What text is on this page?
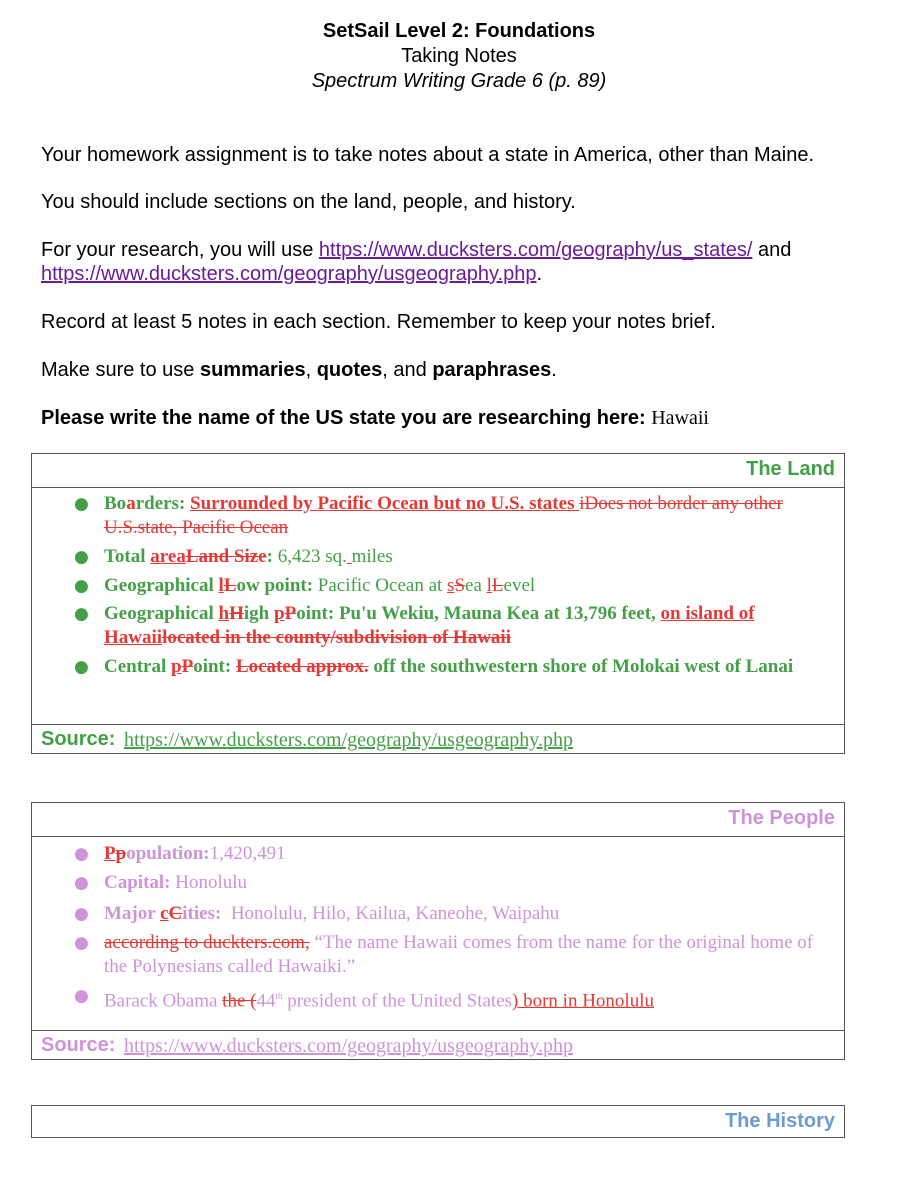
SetSail Level 2: Foundations
Taking Notes
Spectrum Writing Grade 6 (p. 89)
Your homework assignment is to take notes about a state in America, other than Maine.
You should include sections on the land, people, and history.
For your research, you will use https://www.ducksters.com/geography/us_states/ and
https://www.ducksters.com/geography/usgeography.php.
Record at least 5 notes in each section. Remember to keep your notes brief.
Make sure to use summaries, quotes, and paraphrases.
Please write the name of the US state you are researching here: Hawaii
The Land
● Boarders: Surrounded by Pacific Ocean but no U.S. states iDoes not border any other U.S.state, Pacific Ocean
● Total areaLand Size: 6,423 sq. miles
● Geographical lLow point: Pacific Ocean at sSea lLevel
● Geographical hHigh pPoint: Pu'u Wekiu, Mauna Kea at 13,796 feet, on island of Hawaiilocated in the county/subdivision of Hawaii
● Central pPoint: Located approx. off the southwestern shore of Molokai west of Lanai
Source: https://www.ducksters.com/geography/usgeography.php
The People
● Ppopulation:1,420,491
● Capital: Honolulu
● Major cCities:  Honolulu, Hilo, Kailua, Kaneohe, Waipahu
● according to duckters.com, “The name Hawaii comes from the name for the original home of the Polynesians called Hawaiki.”
● Barack Obama the (44th president of the United States) born in Honolulu
Source: https://www.ducksters.com/geography/usgeography.php
The History
